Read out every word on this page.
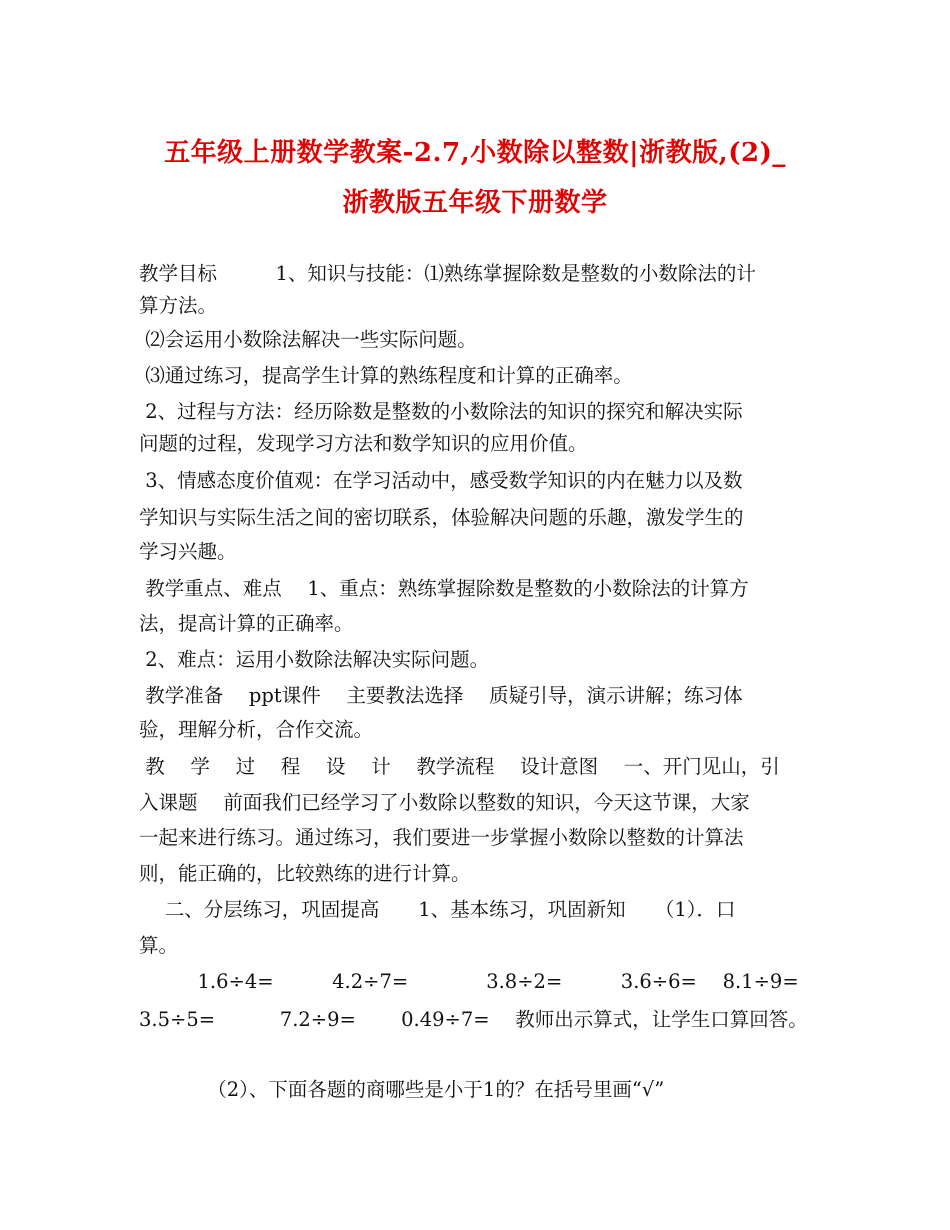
五年级上册数学教案-2.7,小数除以整数|浙教版,(2)_
浙教版五年级下册数学
教学目标　　　1、知识与技能：⑴熟练掌握除数是整数的小数除法的计
算方法。
⑵会运用小数除法解决一些实际问题。
⑶通过练习，提高学生计算的熟练程度和计算的正确率。
2、过程与方法：经历除数是整数的小数除法的知识的探究和解决实际
问题的过程，发现学习方法和数学知识的应用价值。
3、情感态度价值观：在学习活动中，感受数学知识的内在魅力以及数
学知识与实际生活之间的密切联系，体验解决问题的乐趣，激发学生的
学习兴趣。
教学重点、难点　 1、重点：熟练掌握除数是整数的小数除法的计算方
法，提高计算的正确率。
2、难点：运用小数除法解决实际问题。
教学准备　 ppt课件　 主要教法选择　 质疑引导，演示讲解；练习体
验，理解分析，合作交流。
教　 学　 过　 程　 设　 计　 教学流程　 设计意图　 一、开门见山，引
入课题　 前面我们已经学习了小数除以整数的知识，今天这节课，大家
一起来进行练习。通过练习，我们要进一步掌握小数除以整数的计算法
则，能正确的，比较熟练的进行计算。
　 二、分层练习，巩固提高　　1、基本练习，巩固新知　　（1）．口
算。
　　　1.6÷4=　　　4.2÷7=　　　　3.8÷2=　　　3.6÷6=　 8.1÷9=
3.5÷5=　　　 7.2÷9=　　 0.49÷7=　 教师出示算式，让学生口算回答。
　　　　（2）、下面各题的商哪些是小于1的？在括号里画“√”
